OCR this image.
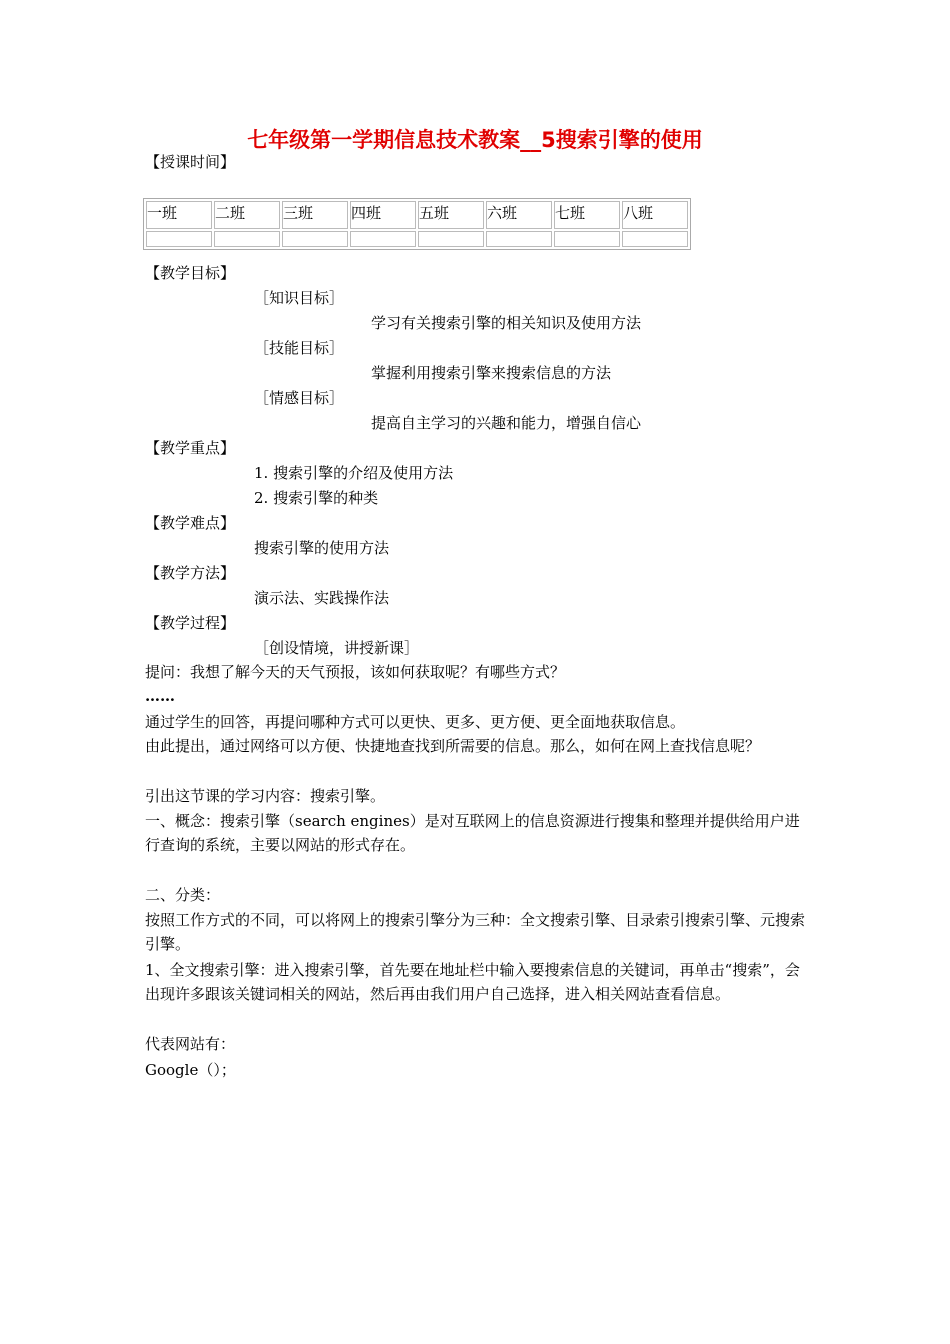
七年级第一学期信息技术教案__5搜索引擎的使用
【授课时间】
一班	二班	三班	四班	五班	六班	七班	八班

【教学目标】
［知识目标］
学习有关搜索引擎的相关知识及使用方法
［技能目标］
掌握利用搜索引擎来搜索信息的方法
［情感目标］
提高自主学习的兴趣和能力，增强自信心
【教学重点】
1. 搜索引擎的介绍及使用方法
2. 搜索引擎的种类
【教学难点】
搜索引擎的使用方法
【教学方法】
演示法、实践操作法
【教学过程】
［创设情境，讲授新课］
提问：我想了解今天的天气预报，该如何获取呢？有哪些方式？
……
通过学生的回答，再提问哪种方式可以更快、更多、更方便、更全面地获取信息。
由此提出，通过网络可以方便、快捷地查找到所需要的信息。那么，如何在网上查找信息呢？
引出这节课的学习内容：搜索引擎。
一、概念：搜索引擎（search engines）是对互联网上的信息资源进行搜集和整理并提供给用户进行查询的系统，主要以网站的形式存在。
二、分类：
按照工作方式的不同，可以将网上的搜索引擎分为三种：全文搜索引擎、目录索引搜索引擎、元搜索引擎。
1、全文搜索引擎：进入搜索引擎，首先要在地址栏中输入要搜索信息的关键词，再单击“搜索”，会出现许多跟该关键词相关的网站，然后再由我们用户自己选择，进入相关网站查看信息。
代表网站有：
Google（）；
